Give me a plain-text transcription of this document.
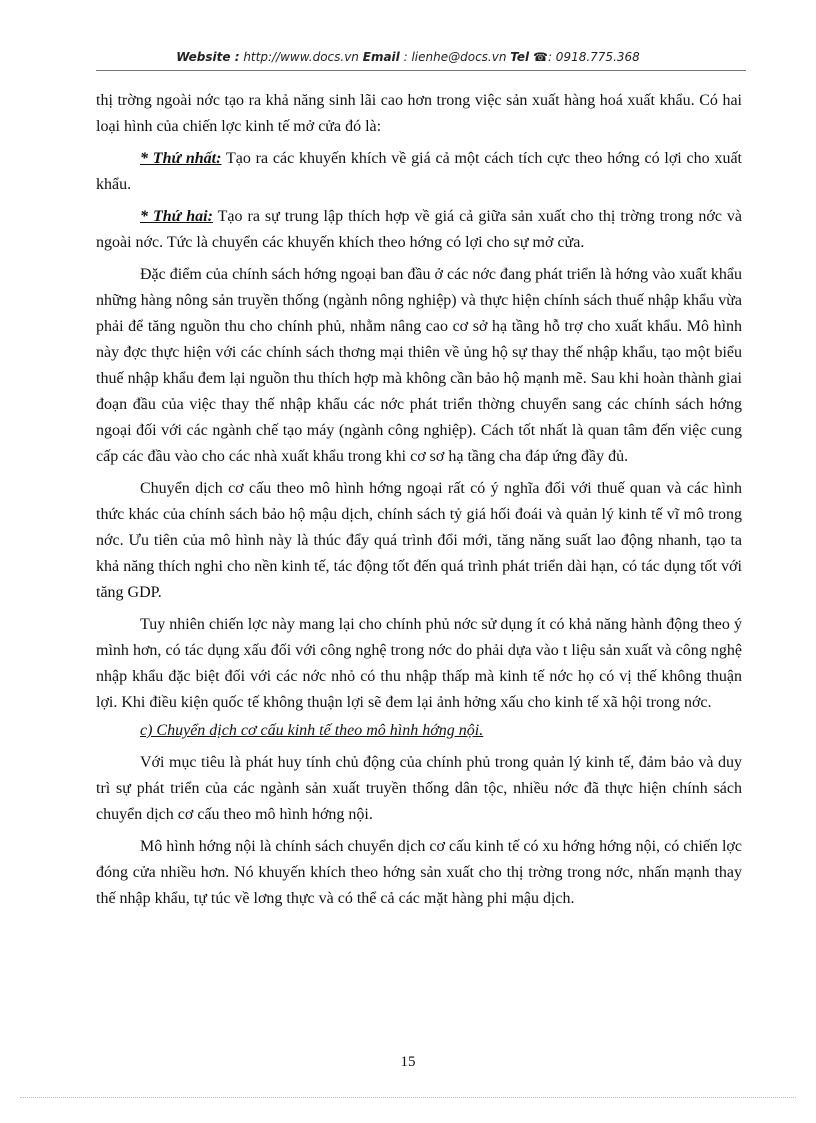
Website : http://www.docs.vn Email : lienhe@docs.vn Tel ☎: 0918.775.368

thị trờng ngoài nớc tạo ra khả năng sinh lãi cao hơn trong việc sản xuất hàng hoá xuất khẩu. Có hai loại hình của chiến lợc kinh tế mở cửa đó là:

* Thứ nhất: Tạo ra các khuyến khích về giá cả một cách tích cực theo hớng có lợi cho xuất khẩu.

* Thứ hai: Tạo ra sự trung lập thích hợp về giá cả giữa sản xuất cho thị trờng trong nớc và ngoài nớc. Tức là chuyển các khuyến khích theo hớng có lợi cho sự mở cửa.

Đặc điểm của chính sách hớng ngoại ban đầu ở các nớc đang phát triển là hớng vào xuất khẩu những hàng nông sản truyền thống (ngành nông nghiệp) và thực hiện chính sách thuế nhập khẩu vừa phải để tăng nguồn thu cho chính phủ, nhằm nâng cao cơ sở hạ tầng hỗ trợ cho xuất khẩu. Mô hình này đợc thực hiện với các chính sách thơng mại thiên về ủng hộ sự thay thế nhập khẩu, tạo một biểu thuế nhập khẩu đem lại nguồn thu thích hợp mà không cần bảo hộ mạnh mẽ. Sau khi hoàn thành giai đoạn đầu của việc thay thế nhập khẩu các nớc phát triển thờng chuyển sang các chính sách hớng ngoại đối với các ngành chế tạo máy (ngành công nghiệp). Cách tốt nhất là quan tâm đến việc cung cấp các đầu vào cho các nhà xuất khẩu trong khi cơ sơ hạ tầng cha đáp ứng đầy đủ.

Chuyển dịch cơ cấu theo mô hình hớng ngoại rất có ý nghĩa đối với thuế quan và các hình thức khác của chính sách bảo hộ mậu dịch, chính sách tỷ giá hối đoái và quản lý kinh tế vĩ mô trong nớc. Ưu tiên của mô hình này là thúc đẩy quá trình đổi mới, tăng năng suất lao động nhanh, tạo ta khả năng thích nghi cho nền kinh tế, tác động tốt đến quá trình phát triển dài hạn, có tác dụng tốt với tăng GDP.

Tuy nhiên chiến lợc này mang lại cho chính phủ nớc sử dụng ít có khả năng hành động theo ý mình hơn, có tác dụng xấu đối với công nghệ trong nớc do phải dựa vào t liệu sản xuất và công nghệ nhập khẩu đặc biệt đối với các nớc nhỏ có thu nhập thấp mà kinh tế nớc họ có vị thế không thuận lợi. Khi điều kiện quốc tế không thuận lợi sẽ đem lại ảnh hởng xấu cho kinh tế xã hội trong nớc.

c) Chuyển dịch cơ cấu kinh tế theo mô hình hớng nội.

Với mục tiêu là phát huy tính chủ động của chính phủ trong quản lý kinh tế, đảm bảo và duy trì sự phát triển của các ngành sản xuất truyền thống dân tộc, nhiều nớc đã thực hiện chính sách chuyển dịch cơ cấu theo mô hình hớng nội.

Mô hình hớng nội là chính sách chuyển dịch cơ cấu kinh tế có xu hớng hớng nội, có chiến lợc đóng cửa nhiều hơn. Nó khuyến khích theo hớng sản xuất cho thị trờng trong nớc, nhấn mạnh thay thế nhập khẩu, tự túc về lơng thực và có thể cả các mặt hàng phi mậu dịch.

15
